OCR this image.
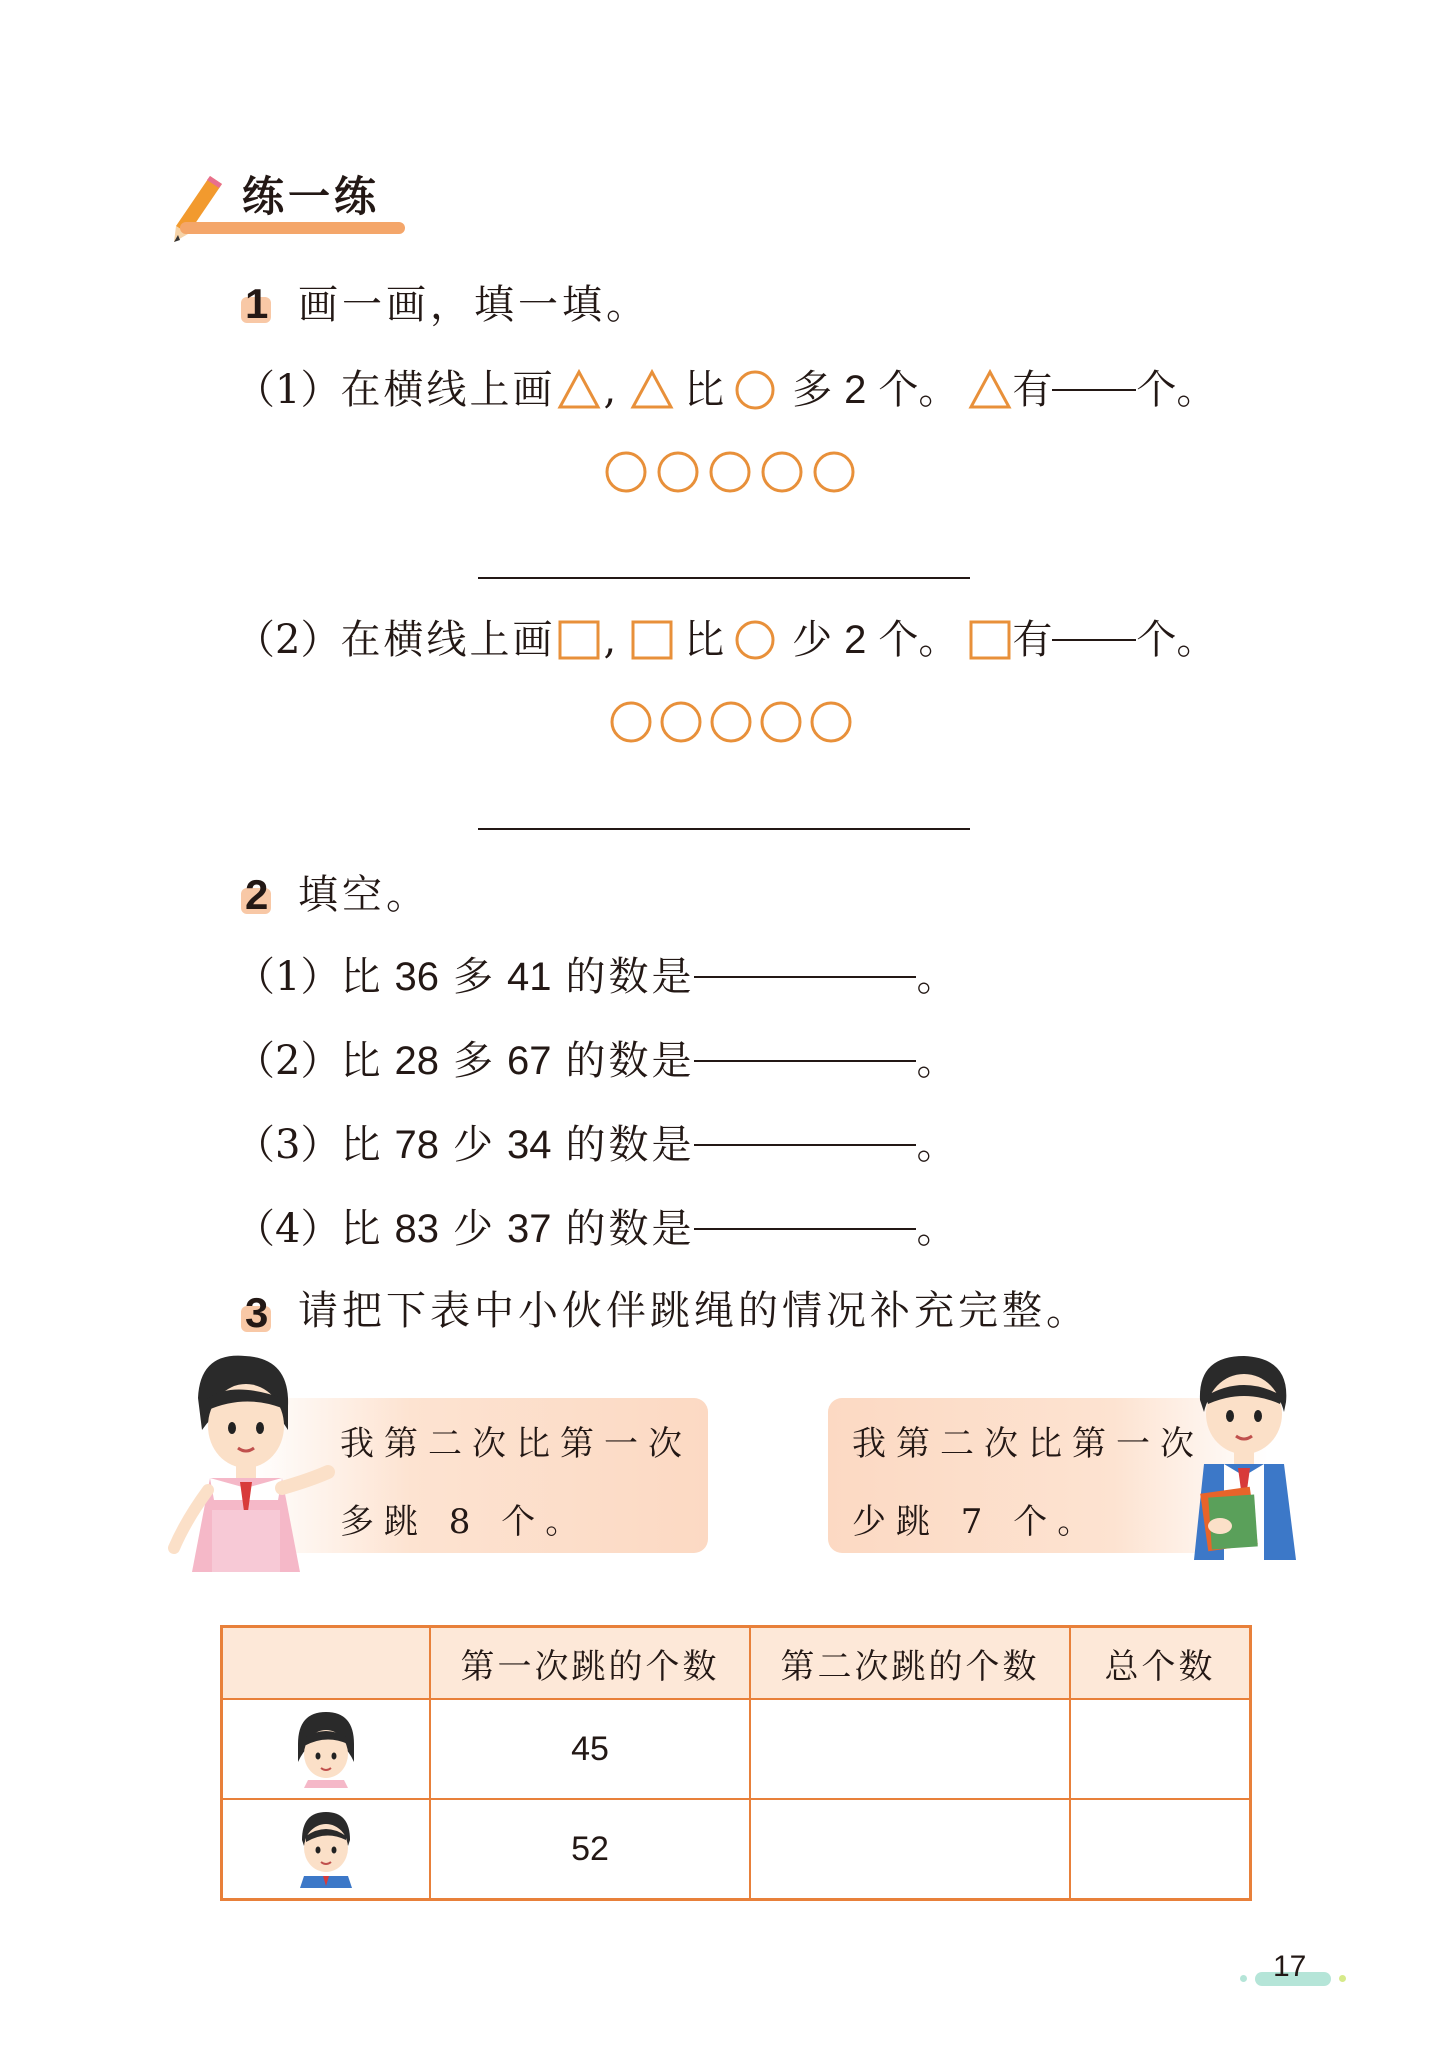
练一练
1 画一画，填一填。
（1） 在横线上画 , 比 多 2 个。 有 个。
（2） 在横线上画 , 比 少 2 个。 有 个。
2 填空。
（1） 比 36 多 41 的数是	。
（2） 比 28 多 67 的数是	。
（3） 比 78 少 34 的数是	。
（4） 比 83 少 37 的数是	。
3 请把下表中小伙伴跳绳的情况补充完整。
我第二次比第一次
多跳 8 个。
我第二次比第一次
少跳 7 个。
	第一次跳的个数	第二次跳的个数	总个数
	45		
	52		
17
